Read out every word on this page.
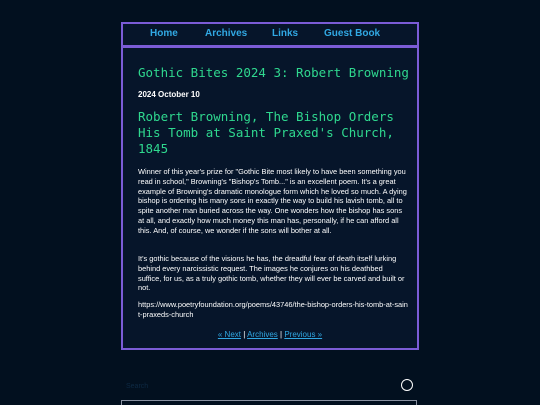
Home	Archives Links	Guest Book
Gothic Bites 2024 3: Robert Browning
2024 October 10
Robert Browning, The Bishop Orders His Tomb at Saint Praxed's Church, 1845

Winner of this year's prize for "Gothic Bite most likely to have been something you read in school," Browning's "Bishop's Tomb..." is an excellent poem. It's a great example of Browning's dramatic monologue form which he loved so much. A dying bishop is ordering his many sons in exactly the way to build his lavish tomb, all to spite another man buried across the way. One wonders how the bishop has sons at all, and exactly how much money this man has, personally, if he can afford all this. And, of course, we wonder if the sons will bother at all.

It's gothic because of the visions he has, the dreadful fear of death itself lurking behind every narcissistic request. The images he conjures on his deathbed suffice, for us, as a truly gothic tomb, whether they will ever be carved and built or not.

https://www.poetryfoundation.org/poems/43746/the-bishop-orders-his-tomb-at-saint-praxeds-church

« Next | Archives | Previous »
Search
